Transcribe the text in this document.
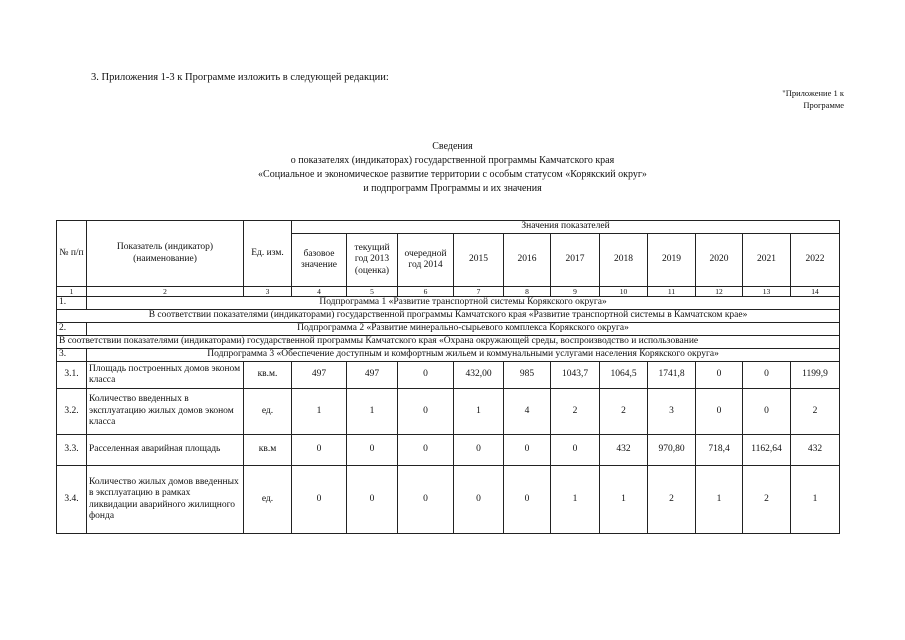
3. Приложения 1-3 к Программе изложить в следующей редакции:
"Приложение 1 к
Программе
Сведения
о показателях (индикаторах) государственной программы Камчатского края
«Социальное и экономическое развитие территории с особым статусом «Корякский округ»
и подпрограмм Программы и их значения
№ п/п	Показатель (индикатор) (наименование)	Ед. изм.	Значения показателей										
			базовое значение	текущий год 2013 (оценка)	очередной год 2014	2015	2016	2017	2018	2019	2020	2021	2022
1	2	3	4	5	6	7	8	9	10	11	12	13	14
1.	Подпрограмма 1 «Развитие транспортной системы Корякского округа»												
В соответствии показателями (индикаторами) государственной программы Камчатского края «Развитие транспортной системы в Камчатском крае»													
2.	Подпрограмма 2 «Развитие минерально-сырьевого комплекса Корякского округа»												
В соответствии показателями (индикаторами) государственной программы Камчатского края «Охрана окружающей среды, воспроизводство и использование													
3.	Подпрограмма 3 «Обеспечение доступным и комфортным жильем и коммунальными услугами населения Корякского округа»												
3.1.	Площадь построенных домов эконом класса	кв.м.	497	497	0	432,00	985	1043,7	1064,5	1741,8	0	0	1199,9
3.2.	Количество введенных в эксплуатацию жилых домов эконом класса	ед.	1	1	0	1	4	2	2	3	0	0	2
3.3.	Расселенная аварийная площадь	кв.м	0	0	0	0	0	0	432	970,80	718,4	1162,64	432
3.4.	Количество жилых домов введенных в эксплуатацию в рамках ликвидации аварийного жилищного фонда	ед.	0	0	0	0	0	1	1	2	1	2	1
